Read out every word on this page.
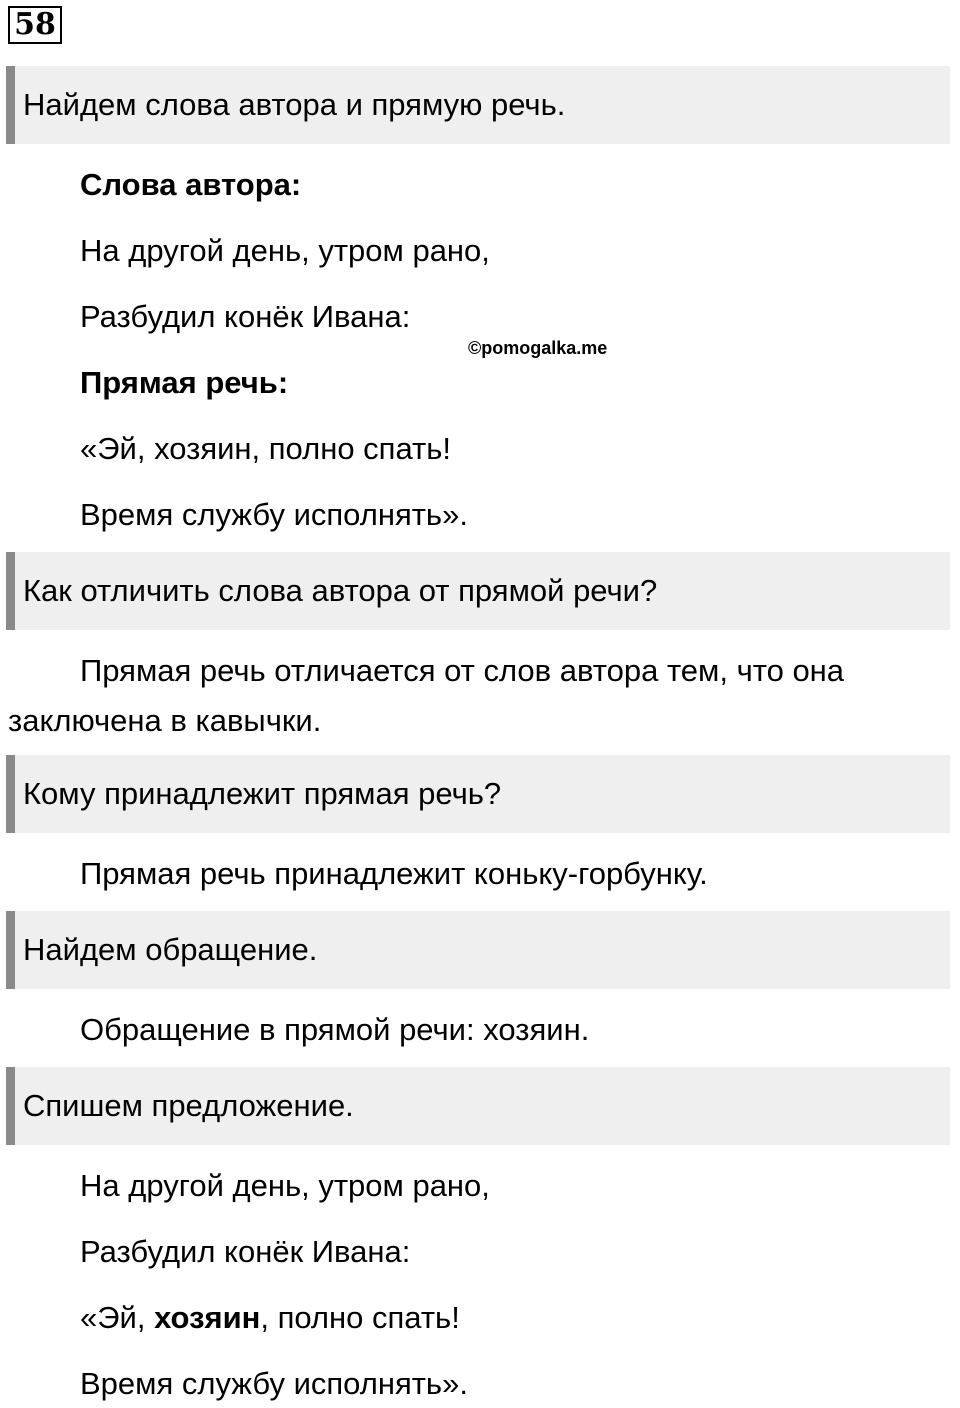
58
Найдем слова автора и прямую речь.
Слова автора:
На другой день, утром рано,
Разбудил конёк Ивана:
©pomogalka.me
Прямая речь:
«Эй, хозяин, полно спать!
Время службу исполнять».
Как отличить слова автора от прямой речи?

Прямая речь отличается от слов автора тем, что она заключена в кавычки.

Кому принадлежит прямая речь?
Прямая речь принадлежит коньку-горбунку.
Найдем обращение.
Обращение в прямой речи: хозяин.
Спишем предложение.
На другой день, утром рано,
Разбудил конёк Ивана:
«Эй, хозяин, полно спать!
Время службу исполнять».
